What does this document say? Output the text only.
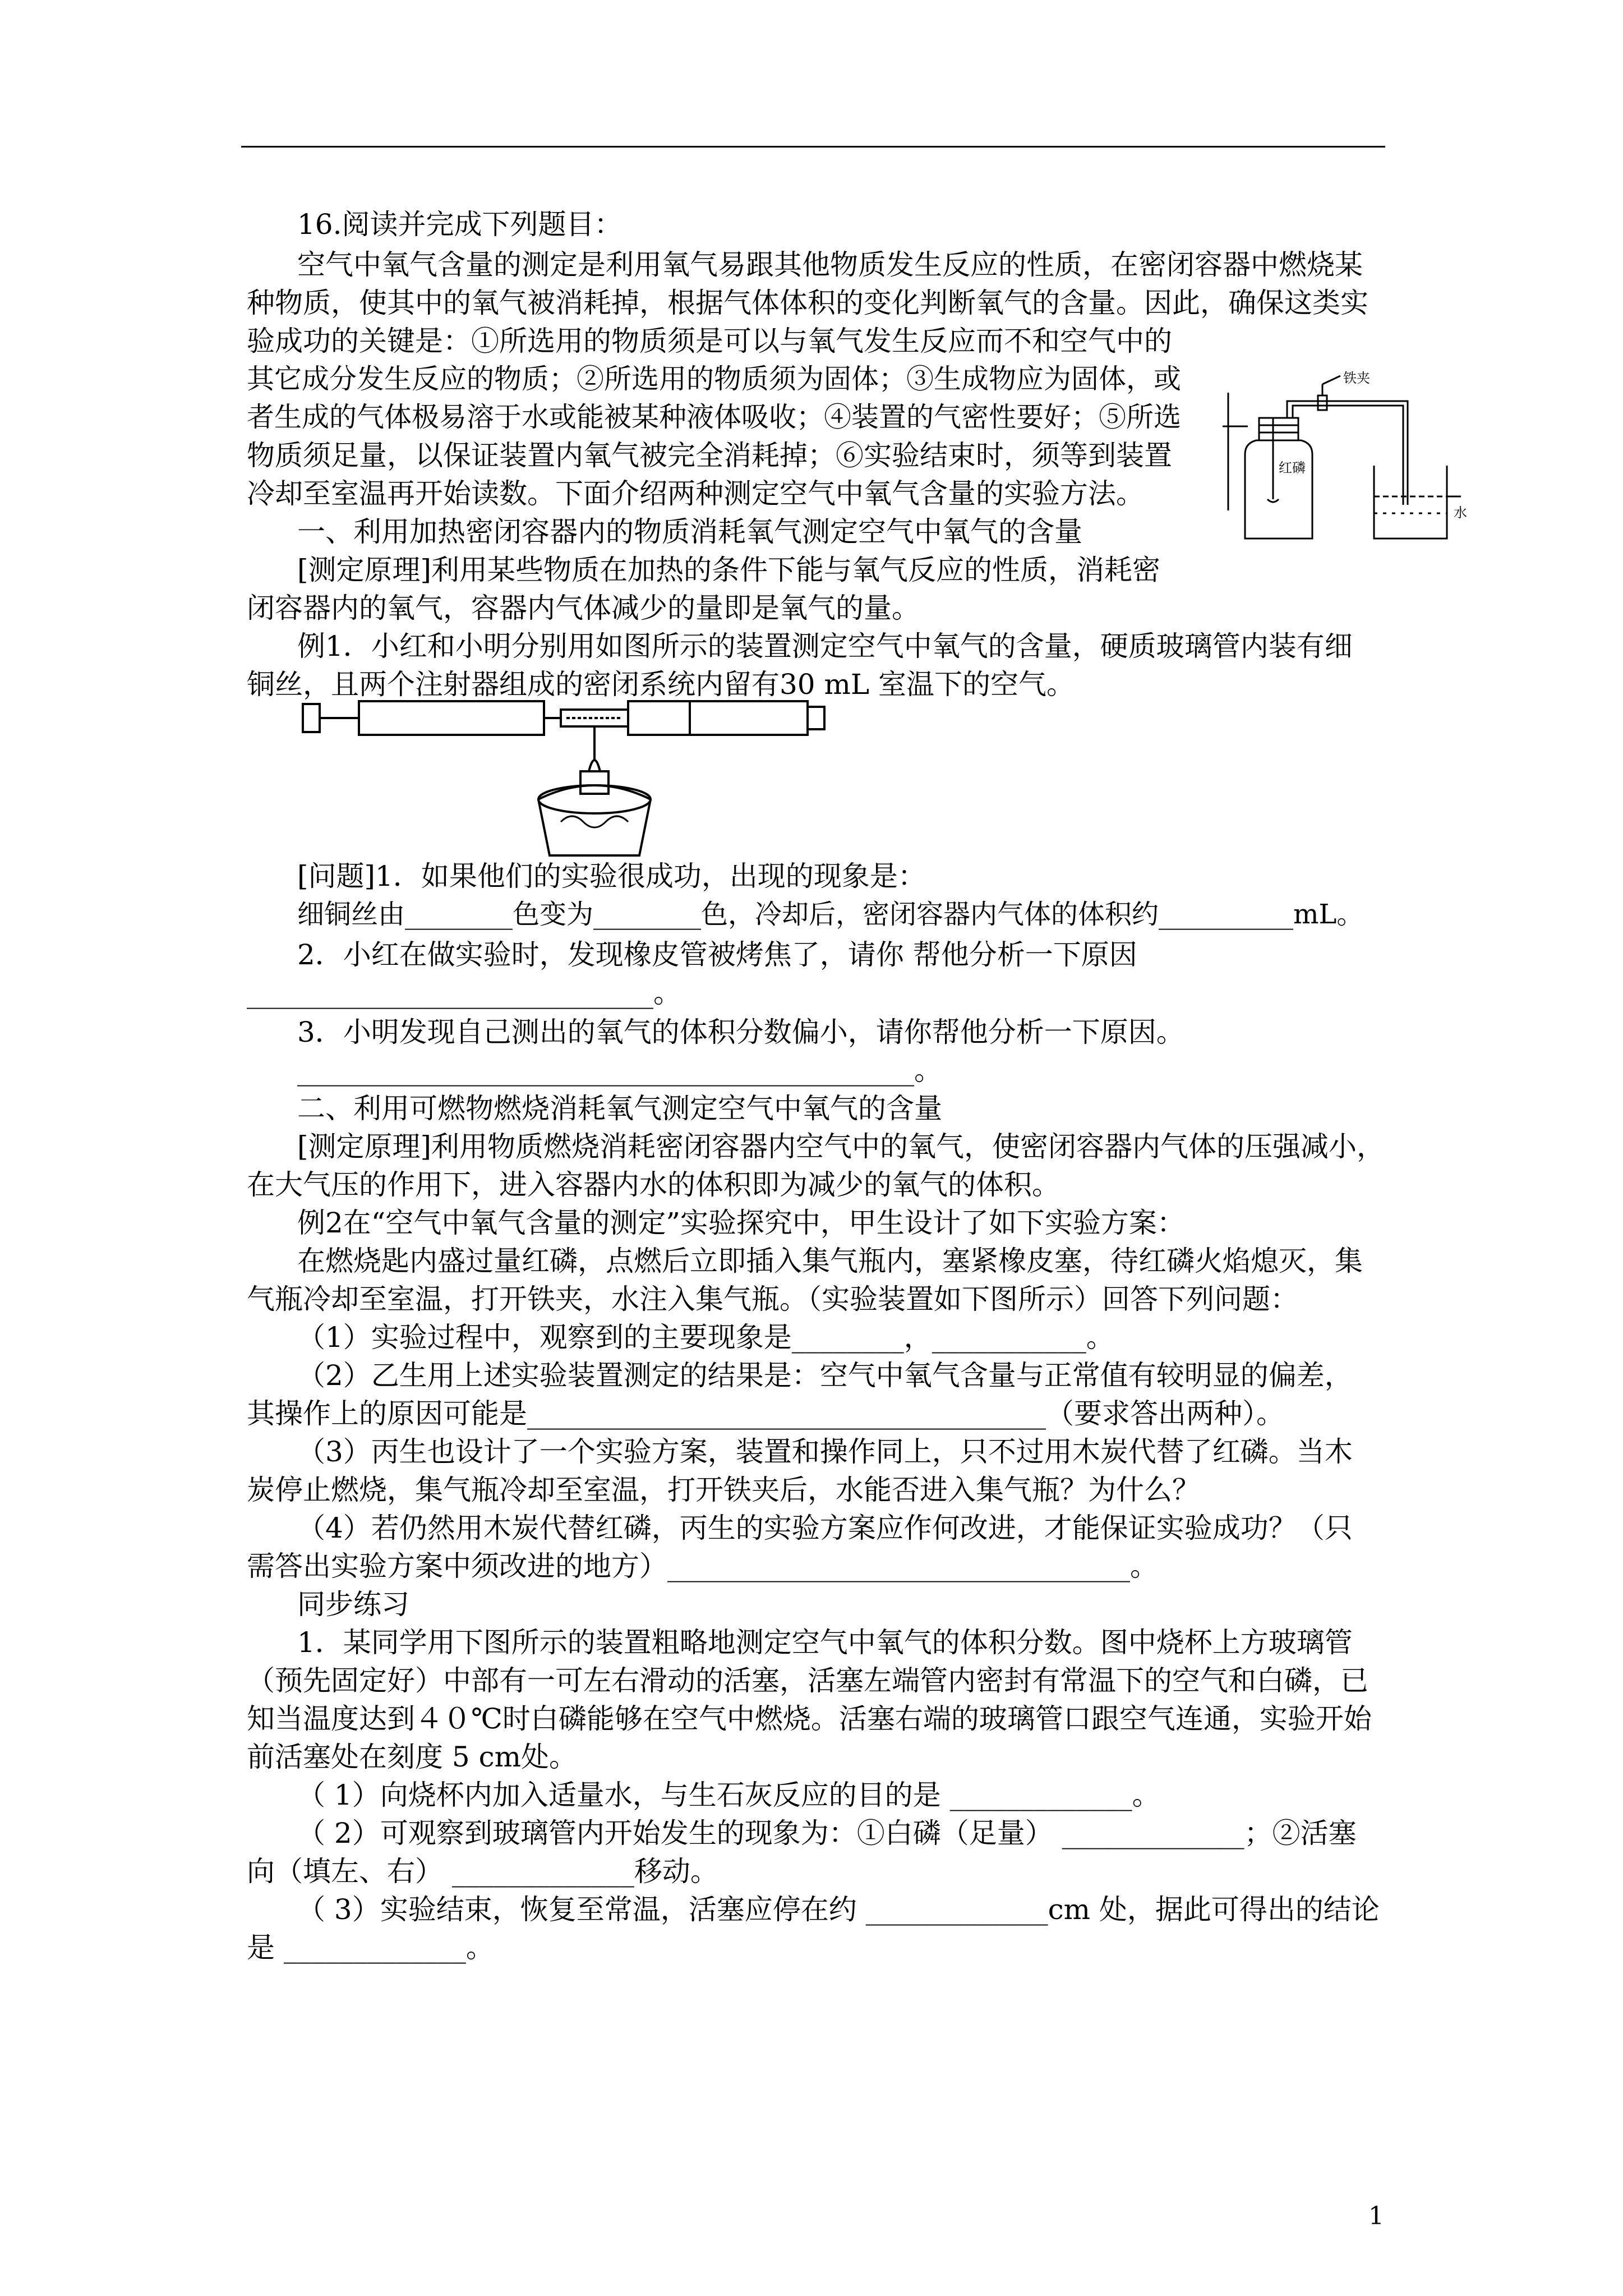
16.阅读并完成下列题目：
空气中氧气含量的测定是利用氧气易跟其他物质发生反应的性质，在密闭容器中燃烧某
种物质，使其中的氧气被消耗掉，根据气体体积的变化判断氧气的含量。因此，确保这类实
验成功的关键是：①所选用的物质须是可以与氧气发生反应而不和空气中的
其它成分发生反应的物质；②所选用的物质须为固体；③生成物应为固体，或
者生成的气体极易溶于水或能被某种液体吸收；④装置的气密性要好；⑤所选
物质须足量，以保证装置内氧气被完全消耗掉；⑥实验结束时，须等到装置
冷却至室温再开始读数。下面介绍两种测定空气中氧气含量的实验方法。
一、利用加热密闭容器内的物质消耗氧气测定空气中氧气的含量
[测定原理]利用某些物质在加热的条件下能与氧气反应的性质，消耗密
闭容器内的氧气，容器内气体减少的量即是氧气的量。
例1．小红和小明分别用如图所示的装置测定空气中氧气的含量，硬质玻璃管内装有细
铜丝，且两个注射器组成的密闭系统内留有30 mL 室温下的空气。
铁夹
红磷
水
[问题]1．如果他们的实验很成功，出现的现象是：
细铜丝由________色变为________色，冷却后，密闭容器内气体的体积约__________mL。
2．小红在做实验时，发现橡皮管被烤焦了，请你 帮他分析一下原因
_____________________________。
3．小明发现自己测出的氧气的体积分数偏小，请你帮他分析一下原因。
____________________________________________。
二、利用可燃物燃烧消耗氧气测定空气中氧气的含量
[测定原理]利用物质燃烧消耗密闭容器内空气中的氧气，使密闭容器内气体的压强减小，
在大气压的作用下，进入容器内水的体积即为减少的氧气的体积。
例2在“空气中氧气含量的测定”实验探究中，甲生设计了如下实验方案：
在燃烧匙内盛过量红磷，点燃后立即插入集气瓶内，塞紧橡皮塞，待红磷火焰熄灭，集
气瓶冷却至室温，打开铁夹，水注入集气瓶。（实验装置如下图所示）回答下列问题：
（1）实验过程中，观察到的主要现象是________，___________。
（2）乙生用上述实验装置测定的结果是：空气中氧气含量与正常值有较明显的偏差，
其操作上的原因可能是_____________________________________（要求答出两种）。
（3）丙生也设计了一个实验方案，装置和操作同上，只不过用木炭代替了红磷。当木
炭停止燃烧，集气瓶冷却至室温，打开铁夹后，水能否进入集气瓶？为什么？
（4）若仍然用木炭代替红磷，丙生的实验方案应作何改进，才能保证实验成功？（只
需答出实验方案中须改进的地方）_________________________________。
同步练习
1．某同学用下图所示的装置粗略地测定空气中氧气的体积分数。图中烧杯上方玻璃管
（预先固定好）中部有一可左右滑动的活塞，活塞左端管内密封有常温下的空气和白磷，已
知当温度达到４０℃时白磷能够在空气中燃烧。活塞右端的玻璃管口跟空气连通，实验开始
前活塞处在刻度 5 cm处。
（ 1）向烧杯内加入适量水，与生石灰反应的目的是 _____________。
（ 2）可观察到玻璃管内开始发生的现象为：①白磷（足量） _____________；②活塞
向（填左、右） _____________移动。
（ 3）实验结束，恢复至常温，活塞应停在约 _____________cm 处，据此可得出的结论
是 _____________。
1
